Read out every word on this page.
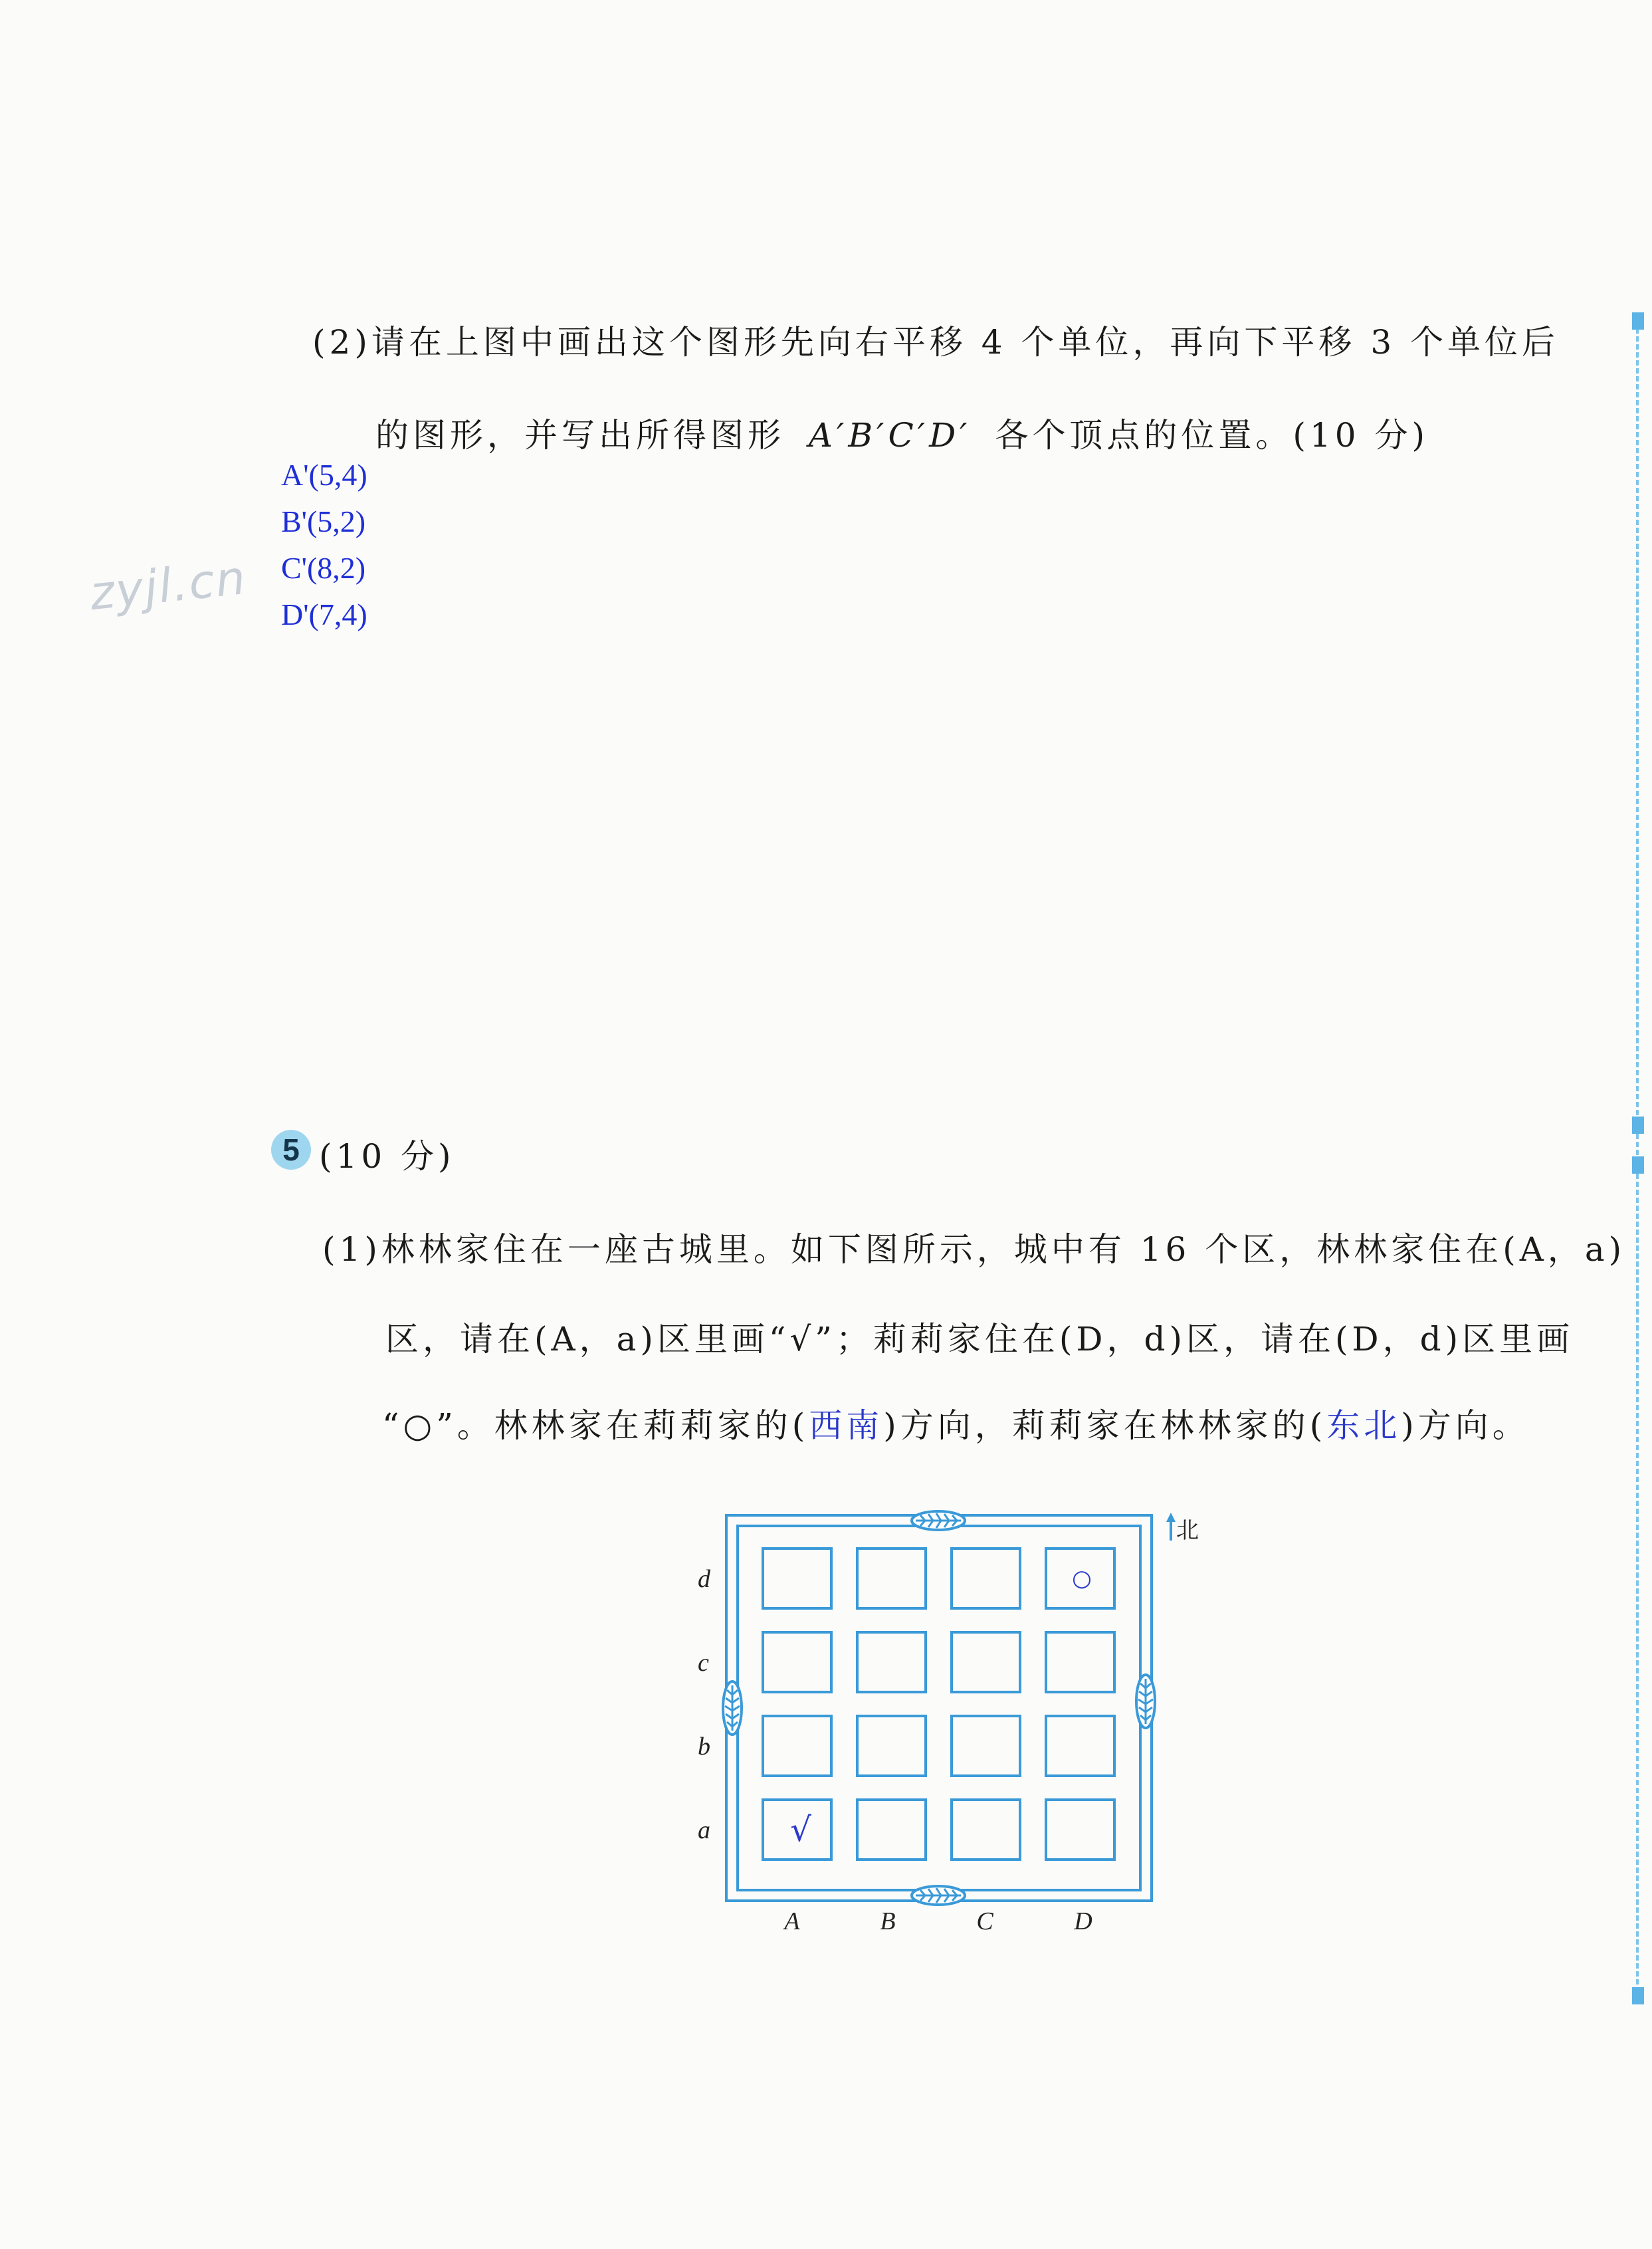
(2)请在上图中画出这个图形先向右平移 4 个单位，再向下平移 3 个单位后
的图形，并写出所得图形 A′B′C′D′ 各个顶点的位置。(10 分)
A'(5,4)
B'(5,2)
C'(8,2)
D'(7,4)
zyjl.cn
5 (10 分)
(1)林林家住在一座古城里。如下图所示，城中有 16 个区，林林家住在(A，a)
区，请在(A，a)区里画“√”；莉莉家住在(D，d)区，请在(D，d)区里画
“○”。林林家在莉莉家的(西南)方向，莉莉家在林林家的(东北)方向。
北
d
c
b
a
A	B	C	D
√
○
